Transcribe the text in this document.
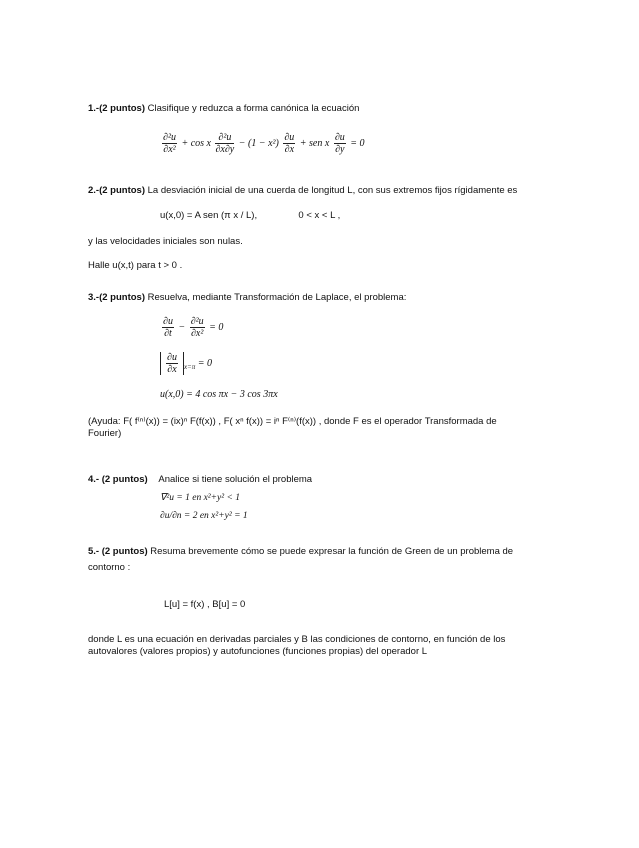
1.-(2 puntos) Clasifique y reduzca a forma canónica la ecuación
$\frac{\text{∂²u}}{\text{∂x²}} + \cos x \frac{\text{∂²u}}{\partial x\partial y} - (1 - x^2) \frac{\partial u}{\partial x}$ + sen x $\frac{\partial u}{\partial y} = 0$
2.-(2 puntos) La desviación inicial de una cuerda de longitud L, con sus extremos fijos rígidamente es
u(x,0) = A sen (π x / L),	0 < x < L ,
y las velocidades iniciales son nulas.
Halle u(x,t) para t > 0 .
3.-(2 puntos) Resuelva, mediante Transformación de Laplace, el problema:
$\frac{\partial u}{\partial t} - \frac{\text{∂²u}}{\text{∂x²}} = 0$
$\frac{\partial u}{\partial x} _{x=\pi} = 0$
u(x,0) = 4 cos πx − 3 cos 3πx
(Ayuda: F( f⁽ⁿ⁾(x)) = (ix)ⁿ F(f(x)) , F( xⁿ f(x)) = iⁿ F⁽ⁿ⁾(f(x)) , donde F es el operador Transformada de
Fourier)
4.- (2 puntos) Analice si tiene solución el problema
∇²u = 1 en x²+y² < 1
∂u/∂n = 2 en x²+y² = 1
5.- (2 puntos) Resuma brevemente cómo se puede expresar la función de Green de un problema de
contorno :
L[u] = f(x) , B[u] = 0
donde L es una ecuación en derivadas parciales y B las condiciones de contorno, en función de los
autovalores (valores propios) y autofunciones (funciones propias) del operador L
